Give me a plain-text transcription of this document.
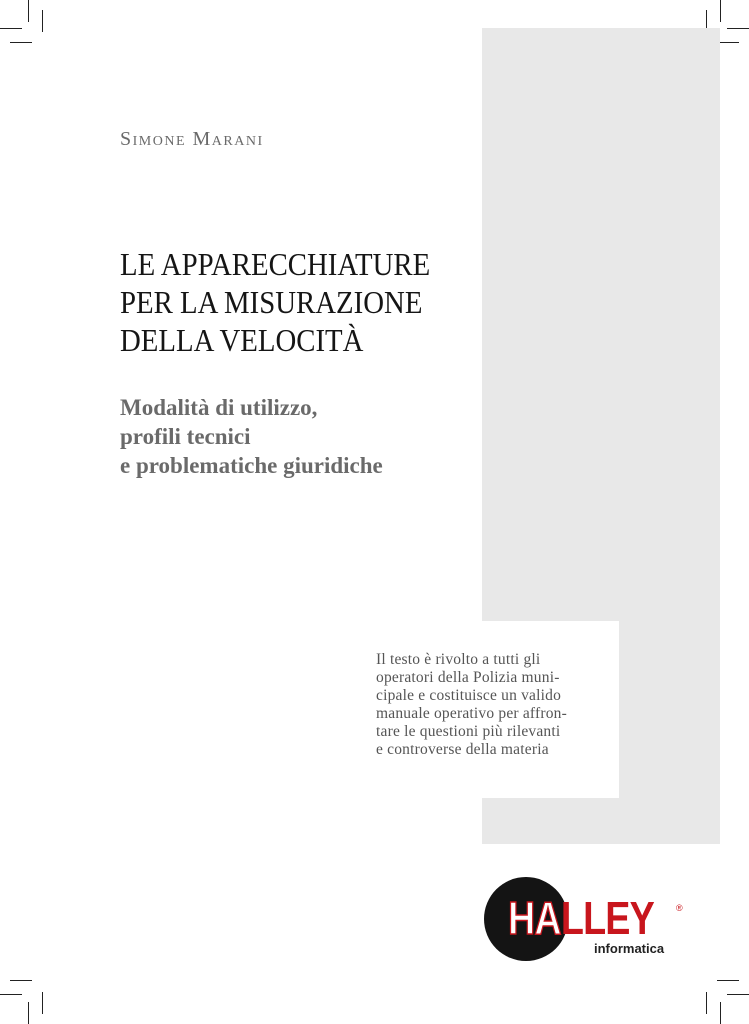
Simone Marani
LE APPARECCHIATURE
PER LA MISURAZIONE
DELLA VELOCITÀ
Modalità di utilizzo,
profili tecnici
e problematiche giuridiche

Il testo è rivolto a tutti gli
operatori della Polizia muni-
cipale e costituisce un valido
manuale operativo per affron-
tare le questioni più rilevanti
e controverse della materia

HALLEY ®
informatica
